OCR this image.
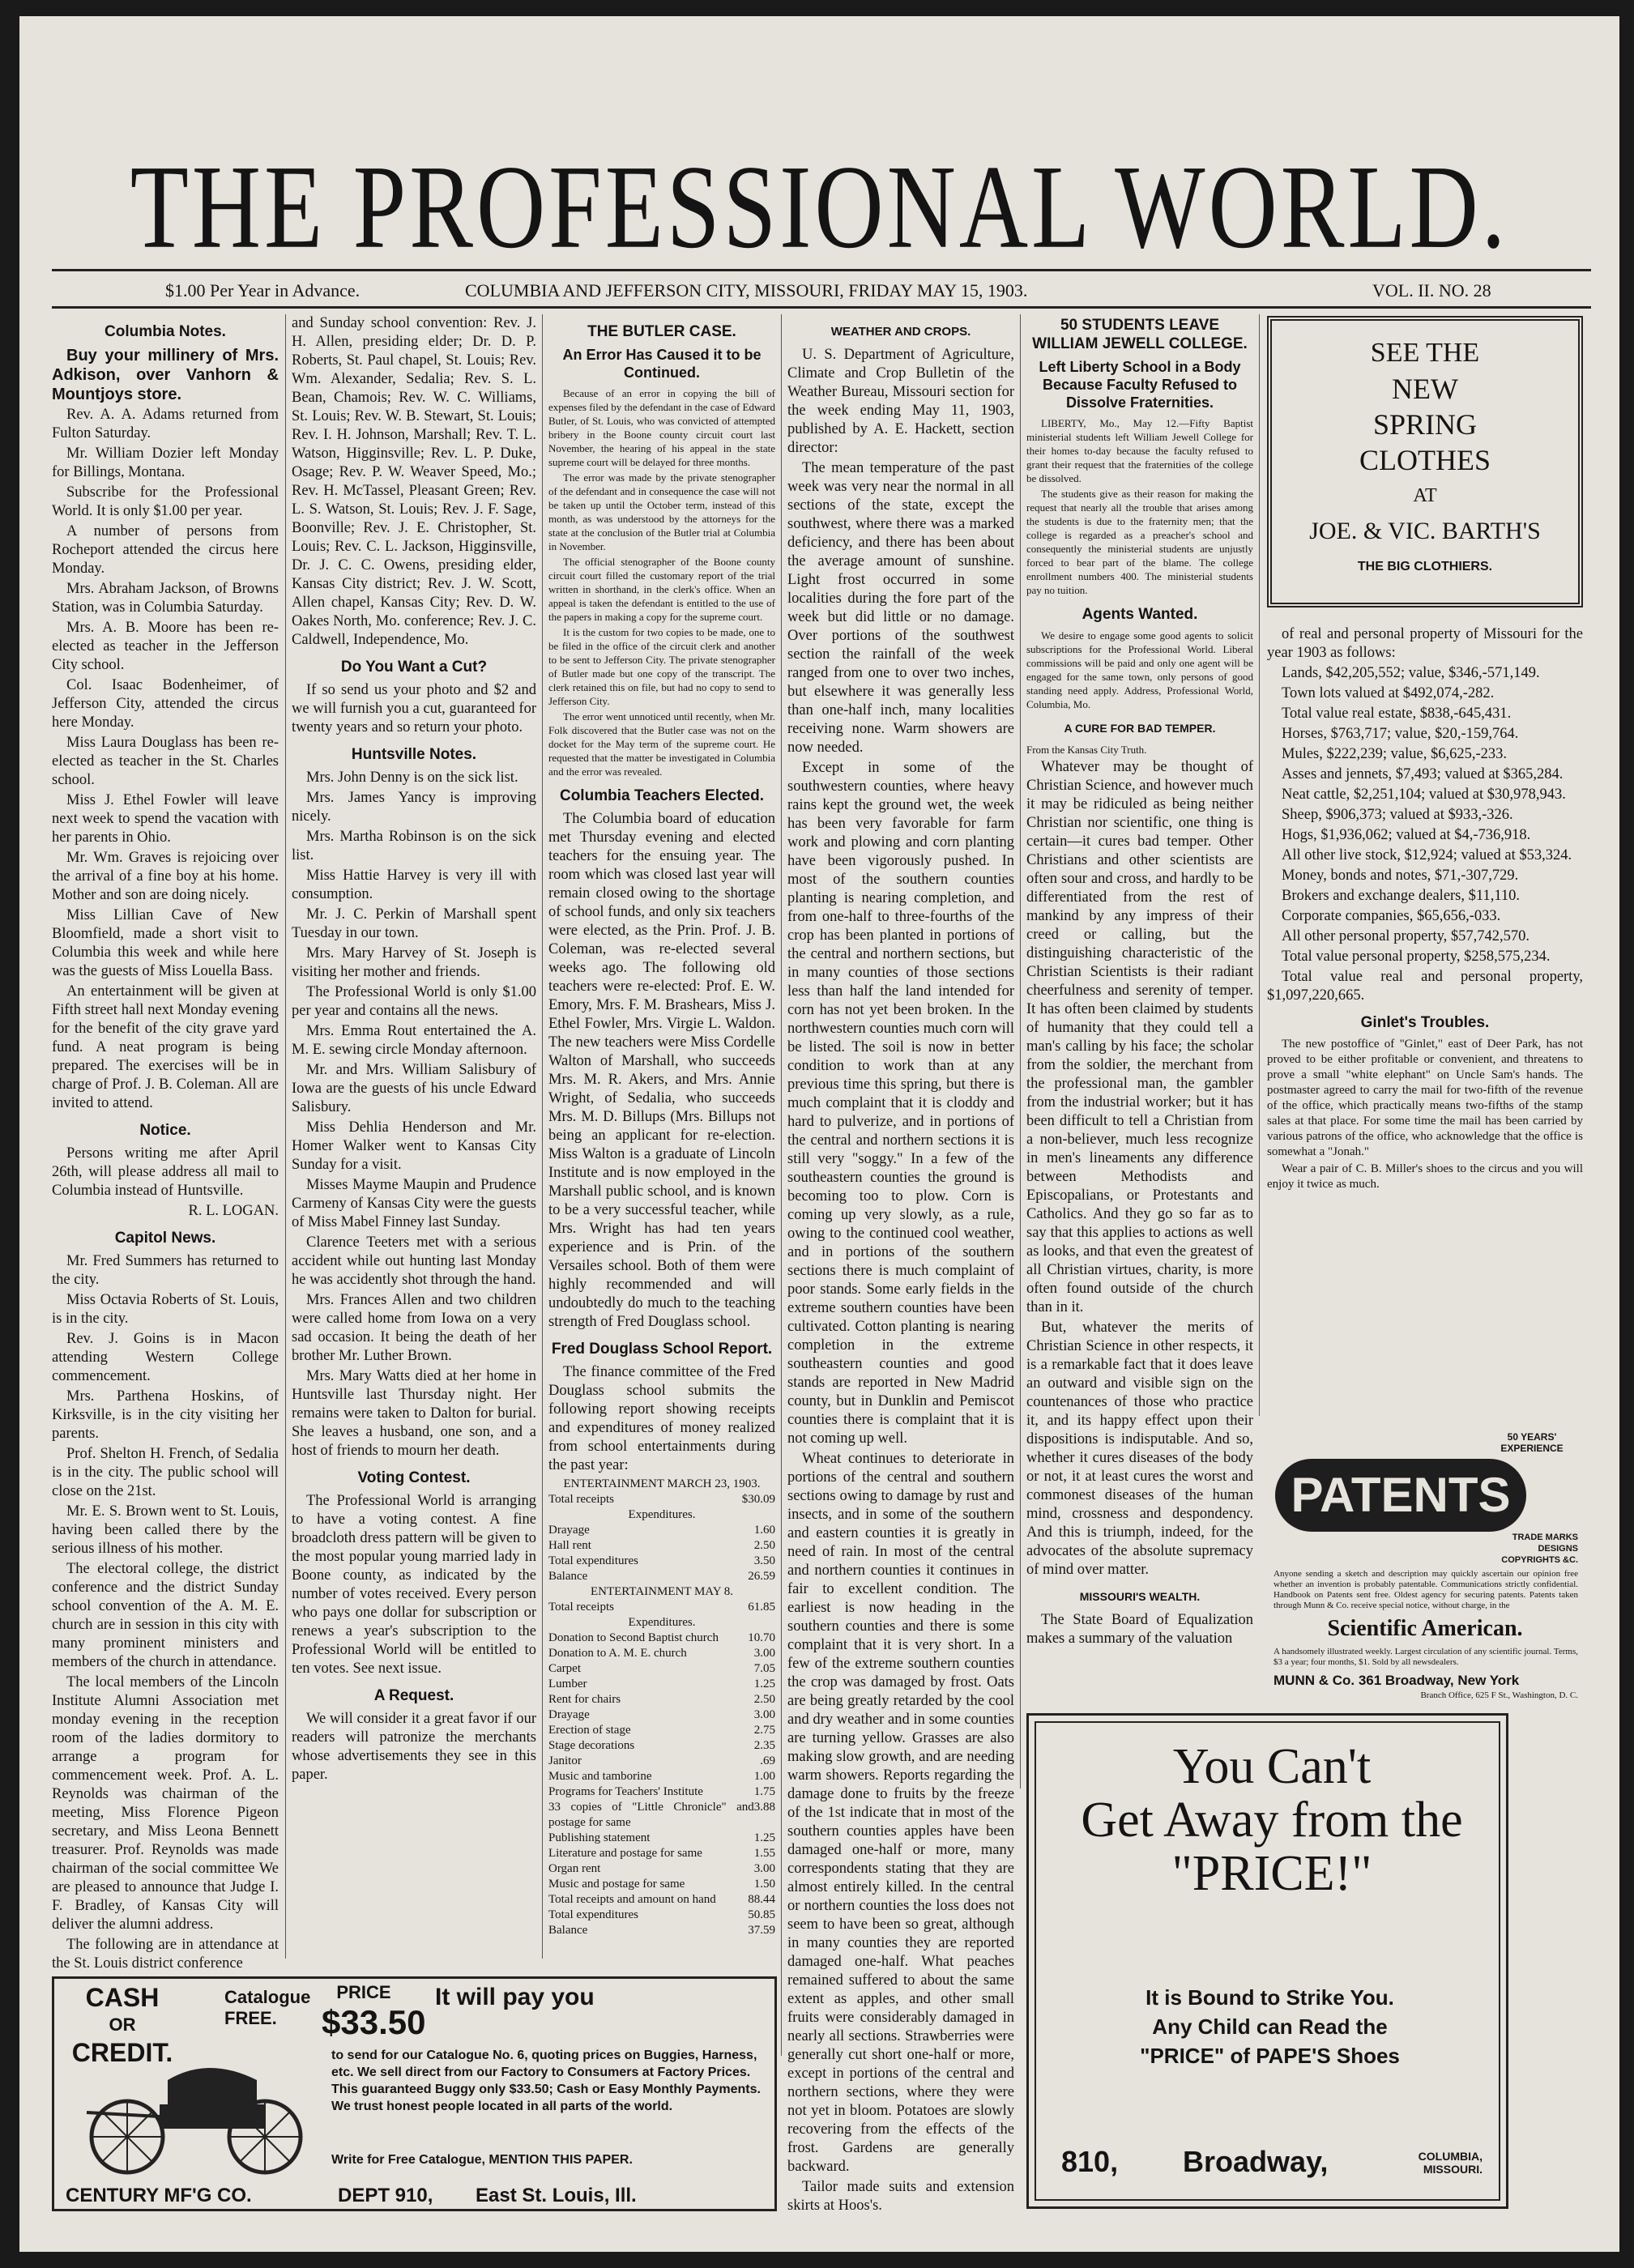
THE PROFESSIONAL WORLD.
$1.00 Per Year in Advance.	COLUMBIA AND JEFFERSON CITY, MISSOURI, FRIDAY MAY 15, 1903.	VOL. II. NO. 28
Columbia Notes.

Buy your millinery of Mrs. Adkison, over Vanhorn & Mountjoys store.

Rev. A. A. Adams returned from Fulton Saturday.

Mr. William Dozier left Monday for Billings, Montana.

Subscribe for the Professional World. It is only $1.00 per year.

A number of persons from Rocheport attended the circus here Monday.

Mrs. Abraham Jackson, of Browns Station, was in Columbia Saturday.

Mrs. A. B. Moore has been re-elected as teacher in the Jefferson City school.

Col. Isaac Bodenheimer, of Jefferson City, attended the circus here Monday.

Miss Laura Douglass has been re-elected as teacher in the St. Charles school.

Miss J. Ethel Fowler will leave next week to spend the vacation with her parents in Ohio.

Mr. Wm. Graves is rejoicing over the arrival of a fine boy at his home. Mother and son are doing nicely.

Miss Lillian Cave of New Bloomfield, made a short visit to Columbia this week and while here was the guests of Miss Louella Bass.

An entertainment will be given at Fifth street hall next Monday evening for the benefit of the city grave yard fund. A neat program is being prepared. The exercises will be in charge of Prof. J. B. Coleman. All are invited to attend.

Notice.

Persons writing me after April 26th, will please address all mail to Columbia instead of Huntsville.

R. L. LOGAN.

Capitol News.

Mr. Fred Summers has returned to the city.

Miss Octavia Roberts of St. Louis, is in the city.

Rev. J. Goins is in Macon attending Western College commencement.

Mrs. Parthena Hoskins, of Kirksville, is in the city visiting her parents.

Prof. Shelton H. French, of Sedalia is in the city. The public school will close on the 21st.

Mr. E. S. Brown went to St. Louis, having been called there by the serious illness of his mother.

The electoral college, the district conference and the district Sunday school convention of the A. M. E. church are in session in this city with many prominent ministers and members of the church in attendance.

The local members of the Lincoln Institute Alumni Association met monday evening in the reception room of the ladies dormitory to arrange a program for commencement week. Prof. A. L. Reynolds was chairman of the meeting, Miss Florence Pigeon secretary, and Miss Leona Bennett treasurer. Prof. Reynolds was made chairman of the social committee We are pleased to announce that Judge I. F. Bradley, of Kansas City will deliver the alumni address.

The following are in attendance at the St. Louis district conference

and Sunday school convention: Rev. J. H. Allen, presiding elder; Dr. D. P. Roberts, St. Paul chapel, St. Louis; Rev. Wm. Alexander, Sedalia; Rev. S. L. Bean, Chamois; Rev. W. C. Williams, St. Louis; Rev. W. B. Stewart, St. Louis; Rev. I. H. Johnson, Marshall; Rev. T. L. Watson, Higginsville; Rev. L. P. Duke, Osage; Rev. P. W. Weaver Speed, Mo.; Rev. H. McTassel, Pleasant Green; Rev. L. S. Watson, St. Louis; Rev. J. F. Sage, Boonville; Rev. J. E. Christopher, St. Louis; Rev. C. L. Jackson, Higginsville, Dr. J. C. C. Owens, presiding elder, Kansas City district; Rev. J. W. Scott, Allen chapel, Kansas City; Rev. D. W. Oakes North, Mo. conference; Rev. J. C. Caldwell, Independence, Mo.

Do You Want a Cut?

If so send us your photo and $2 and we will furnish you a cut, guaranteed for twenty years and so return your photo.

Huntsville Notes.

Mrs. John Denny is on the sick list.

Mrs. James Yancy is improving nicely.

Mrs. Martha Robinson is on the sick list.

Miss Hattie Harvey is very ill with consumption.

Mr. J. C. Perkin of Marshall spent Tuesday in our town.

Mrs. Mary Harvey of St. Joseph is visiting her mother and friends.

The Professional World is only $1.00 per year and contains all the news.

Mrs. Emma Rout entertained the A. M. E. sewing circle Monday afternoon.

Mr. and Mrs. William Salisbury of Iowa are the guests of his uncle Edward Salisbury.

Miss Dehlia Henderson and Mr. Homer Walker went to Kansas City Sunday for a visit.

Misses Mayme Maupin and Prudence Carmeny of Kansas City were the guests of Miss Mabel Finney last Sunday.

Clarence Teeters met with a serious accident while out hunting last Monday he was accidently shot through the hand.

Mrs. Frances Allen and two children were called home from Iowa on a very sad occasion. It being the death of her brother Mr. Luther Brown.

Mrs. Mary Watts died at her home in Huntsville last Thursday night. Her remains were taken to Dalton for burial. She leaves a husband, one son, and a host of friends to mourn her death.

Voting Contest.

The Professional World is arranging to have a voting contest. A fine broadcloth dress pattern will be given to the most popular young married lady in Boone county, as indicated by the number of votes received. Every person who pays one dollar for subscription or renews a year's subscription to the Professional World will be entitled to ten votes. See next issue.

A Request.

We will consider it a great favor if our readers will patronize the merchants whose advertisements they see in this paper.

THE BUTLER CASE.
An Error Has Caused it to be Continued.

Because of an error in copying the bill of expenses filed by the defendant in the case of Edward Butler, of St. Louis, who was convicted of attempted bribery in the Boone county circuit court last November, the hearing of his appeal in the state supreme court will be delayed for three months.

The error was made by the private stenographer of the defendant and in consequence the case will not be taken up until the October term, instead of this month, as was understood by the attorneys for the state at the conclusion of the Butler trial at Columbia in November.

The official stenographer of the Boone county circuit court filled the customary report of the trial written in shorthand, in the clerk's office. When an appeal is taken the defendant is entitled to the use of the papers in making a copy for the supreme court.

It is the custom for two copies to be made, one to be filed in the office of the circuit clerk and another to be sent to Jefferson City. The private stenographer of Butler made but one copy of the transcript. The clerk retained this on file, but had no copy to send to Jefferson City.

The error went unnoticed until recently, when Mr. Folk discovered that the Butler case was not on the docket for the May term of the supreme court. He requested that the matter be investigated in Columbia and the error was revealed.

Columbia Teachers Elected.

The Columbia board of education met Thursday evening and elected teachers for the ensuing year. The room which was closed last year will remain closed owing to the shortage of school funds, and only six teachers were elected, as the Prin. Prof. J. B. Coleman, was re-elected several weeks ago. The following old teachers were re-elected: Prof. E. W. Emory, Mrs. F. M. Brashears, Miss J. Ethel Fowler, Mrs. Virgie L. Waldon. The new teachers were Miss Cordelle Walton of Marshall, who succeeds Mrs. M. R. Akers, and Mrs. Annie Wright, of Sedalia, who succeeds Mrs. M. D. Billups (Mrs. Billups not being an applicant for re-election. Miss Walton is a graduate of Lincoln Institute and is now employed in the Marshall public school, and is known to be a very successful teacher, while Mrs. Wright has had ten years experience and is Prin. of the Versailes school. Both of them were highly recommended and will undoubtedly do much to the teaching strength of Fred Douglass school.

Fred Douglass School Report.

The finance committee of the Fred Douglass school submits the following report showing receipts and expenditures of money realized from school entertainments during the past year:

ENTERTAINMENT MARCH 23, 1903.
Total receipts	$30.09
Expenditures.
Drayage	1.60
Hall rent	2.50
Total expenditures	3.50
Balance	26.59
ENTERTAINMENT MAY 8.
Total receipts	61.85
Expenditures.
Donation to Second Baptist church 10.70
Donation to A. M. E. church	3.00
Carpet	7.05
Lumber	1.25
Rent for chairs	2.50
Drayage	3.00
Erection of stage	2.75
Stage decorations	2.35
Janitor	.69
Music and tamborine	1.00
Programs for Teachers' Institute	1.75
33 copies of "Little Chronicle" and postage for same
3.88
Publishing statement	1.25
Literature and postage for same	1.55
Organ rent	3.00
Music and postage for same	1.50
Total receipts and amount on hand	88.44
Total expenditures	50.85
Balance	37.59
WEATHER AND CROPS.

U. S. Department of Agriculture, Climate and Crop Bulletin of the Weather Bureau, Missouri section for the week ending May 11, 1903, published by A. E. Hackett, section director:

The mean temperature of the past week was very near the normal in all sections of the state, except the southwest, where there was a marked deficiency, and there has been about the average amount of sunshine. Light frost occurred in some localities during the fore part of the week but did little or no damage. Over portions of the southwest section the rainfall of the week ranged from one to over two inches, but elsewhere it was generally less than one-half inch, many localities receiving none. Warm showers are now needed.

Except in some of the southwestern counties, where heavy rains kept the ground wet, the week has been very favorable for farm work and plowing and corn planting have been vigorously pushed. In most of the southern counties planting is nearing completion, and from one-half to three-fourths of the crop has been planted in portions of the central and northern sections, but in many counties of those sections less than half the land intended for corn has not yet been broken. In the northwestern counties much corn will be listed. The soil is now in better condition to work than at any previous time this spring, but there is much complaint that it is cloddy and hard to pulverize, and in portions of the central and northern sections it is still very "soggy." In a few of the southeastern counties the ground is becoming too to plow. Corn is coming up very slowly, as a rule, owing to the continued cool weather, and in portions of the southern sections there is much complaint of poor stands. Some early fields in the extreme southern counties have been cultivated. Cotton planting is nearing completion in the extreme southeastern counties and good stands are reported in New Madrid county, but in Dunklin and Pemiscot counties there is complaint that it is not coming up well.

Wheat continues to deteriorate in portions of the central and southern sections owing to damage by rust and insects, and in some of the southern and eastern counties it is greatly in need of rain. In most of the central and northern counties it continues in fair to excellent condition. The earliest is now heading in the southern counties and there is some complaint that it is very short. In a few of the extreme southern counties the crop was damaged by frost. Oats are being greatly retarded by the cool and dry weather and in some counties are turning yellow. Grasses are also making slow growth, and are needing warm showers. Reports regarding the damage done to fruits by the freeze of the 1st indicate that in most of the southern counties apples have been damaged one-half or more, many correspondents stating that they are almost entirely killed. In the central or northern counties the loss does not seem to have been so great, although in many counties they are reported damaged one-half. What peaches remained suffered to about the same extent as apples, and other small fruits were considerably damaged in nearly all sections. Strawberries were generally cut short one-half or more, except in portions of the central and northern sections, where they were not yet in bloom. Potatoes are slowly recovering from the effects of the frost. Gardens are generally backward.

Tailor made suits and extension skirts at Hoos's.

50 STUDENTS LEAVE WILLIAM JEWELL COLLEGE.
Left Liberty School in a Body Because Faculty Refused to Dissolve Fraternities.

LIBERTY, Mo., May 12.—Fifty Baptist ministerial students left William Jewell College for their homes to-day because the faculty refused to grant their request that the fraternities of the college be dissolved.

The students give as their reason for making the request that nearly all the trouble that arises among the students is due to the fraternity men; that the college is regarded as a preacher's school and consequently the ministerial students are unjustly forced to bear part of the blame. The college enrollment numbers 400. The ministerial students pay no tuition.

Agents Wanted.

We desire to engage some good agents to solicit subscriptions for the Professional World. Liberal commissions will be paid and only one agent will be engaged for the same town, only persons of good standing need apply. Address, Professional World, Columbia, Mo.

A CURE FOR BAD TEMPER.

From the Kansas City Truth.

Whatever may be thought of Christian Science, and however much it may be ridiculed as being neither Christian nor scientific, one thing is certain—it cures bad temper. Other Christians and other scientists are often sour and cross, and hardly to be differentiated from the rest of mankind by any impress of their creed or calling, but the distinguishing characteristic of the Christian Scientists is their radiant cheerfulness and serenity of temper. It has often been claimed by students of humanity that they could tell a man's calling by his face; the scholar from the soldier, the merchant from the professional man, the gambler from the industrial worker; but it has been difficult to tell a Christian from a non-believer, much less recognize in men's lineaments any difference between Methodists and Episcopalians, or Protestants and Catholics. And they go so far as to say that this applies to actions as well as looks, and that even the greatest of all Christian virtues, charity, is more often found outside of the church than in it.

But, whatever the merits of Christian Science in other respects, it is a remarkable fact that it does leave an outward and visible sign on the countenances of those who practice it, and its happy effect upon their dispositions is indisputable. And so, whether it cures diseases of the body or not, it at least cures the worst and commonest diseases of the human mind, crossness and despondency. And this is triumph, indeed, for the advocates of the absolute supremacy of mind over matter.

MISSOURI'S WEALTH.

The State Board of Equalization makes a summary of the valuation

of real and personal property of Missouri for the year 1903 as follows:

Lands, $42,205,552; value, $346,-571,149.

Town lots valued at $492,074,-282.

Total value real estate, $838,-645,431.

Horses, $763,717; value, $20,-159,764.

Mules, $222,239; value, $6,625,-233.

Asses and jennets, $7,493; valued at $365,284.

Neat cattle, $2,251,104; valued at $30,978,943.

Sheep, $906,373; valued at $933,-326.

Hogs, $1,936,062; valued at $4,-736,918.

All other live stock, $12,924; valued at $53,324.

Money, bonds and notes, $71,-307,729.

Brokers and exchange dealers, $11,110.

Corporate companies, $65,656,-033.

All other personal property, $57,742,570.

Total value personal property, $258,575,234.

Total value real and personal property, $1,097,220,665.

Ginlet's Troubles.

The new postoffice of "Ginlet," east of Deer Park, has not proved to be either profitable or convenient, and threatens to prove a small "white elephant" on Uncle Sam's hands. The postmaster agreed to carry the mail for two-fifth of the revenue of the office, which practically means two-fifths of the stamp sales at that place. For some time the mail has been carried by various patrons of the office, who acknowledge that the office is somewhat a "Jonah."

Wear a pair of C. B. Miller's shoes to the circus and you will enjoy it twice as much.

SEE THE
NEW
SPRING
CLOTHES
AT
JOE. & VIC. BARTH'S
THE BIG CLOTHIERS.
50 YEARS' EXPERIENCE
PATENTS
TRADE MARKS
DESIGNS
COPYRIGHTS &C.
Anyone sending a sketch and description may quickly ascertain our opinion free whether an invention is probably patentable. Communications strictly confidential. Handbook on Patents sent free. Oldest agency for securing patents. Patents taken through Munn & Co. receive special notice, without charge, in the
Scientific American.
A handsomely illustrated weekly. Largest circulation of any scientific journal. Terms, $3 a year; four months, $1. Sold by all newsdealers.
MUNN & Co. 361 Broadway, New York
Branch Office, 625 F St., Washington, D. C.
You Can't
Get Away from the
"PRICE!"
It is Bound to Strike You.
Any Child can Read the
"PRICE" of PAPE'S Shoes
810, Broadway,	COLUMBIA, MISSOURI.
CASH
OR
CREDIT.
Catalogue FREE.
PRICE
$33.50
It will pay you
to send for our Catalogue No. 6, quoting prices on Buggies, Harness, etc. We sell direct from our Factory to Consumers at Factory Prices. This guaranteed Buggy only $33.50; Cash or Easy Monthly Payments. We trust honest people located in all parts of the world.
Write for Free Catalogue, MENTION THIS PAPER.
CENTURY MF'G CO.	DEPT 910, East St. Louis, Ill.
